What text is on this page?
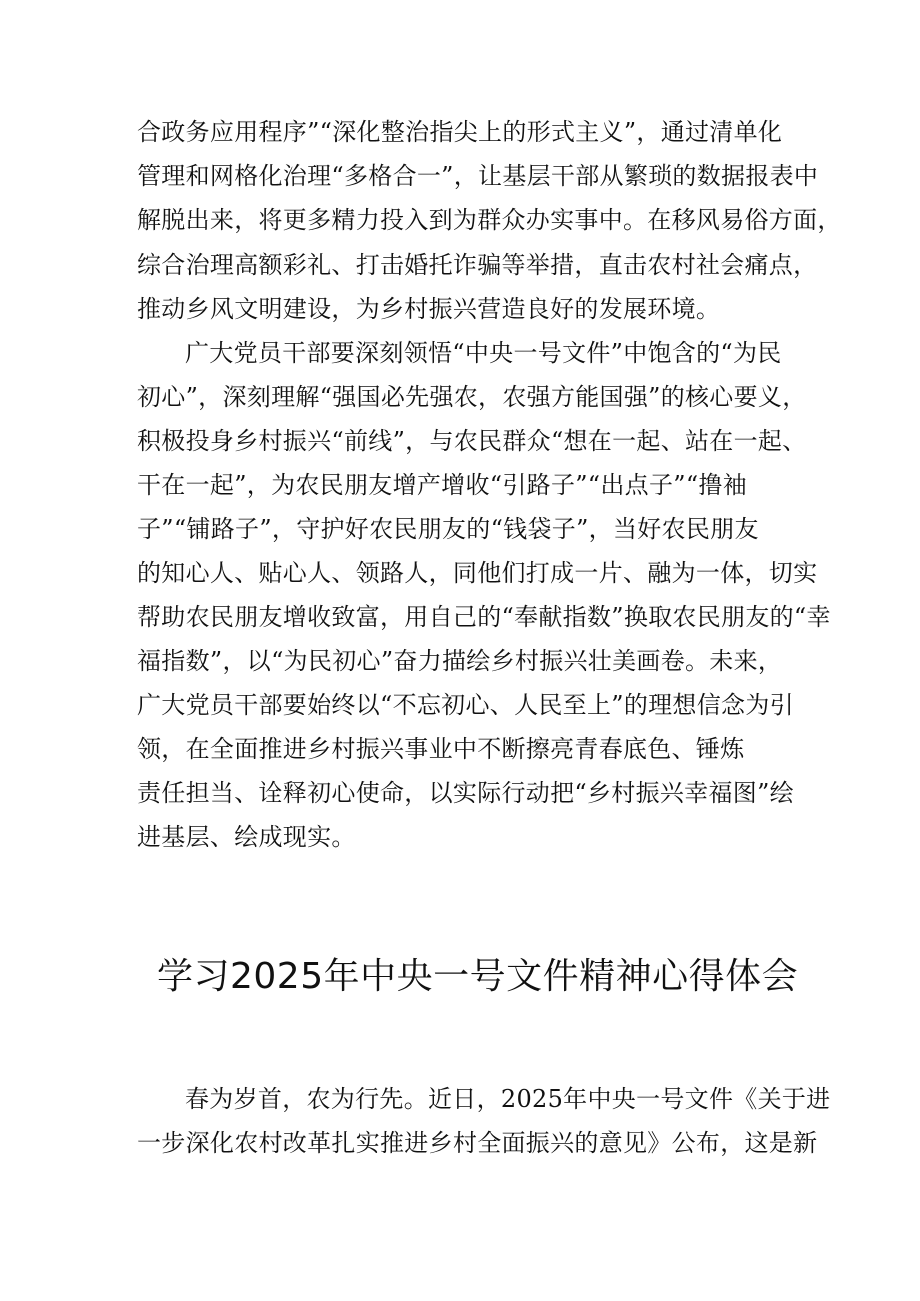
合政务应用程序”“深化整治指尖上的形式主义”，通过清单化
管理和网格化治理“多格合一”，让基层干部从繁琐的数据报表中
解脱出来，将更多精力投入到为群众办实事中。在移风易俗方面，
综合治理高额彩礼、打击婚托诈骗等举措，直击农村社会痛点，
推动乡风文明建设，为乡村振兴营造良好的发展环境。
广大党员干部要深刻领悟“中央一号文件”中饱含的“为民
初心”，深刻理解“强国必先强农，农强方能国强”的核心要义，
积极投身乡村振兴“前线”，与农民群众“想在一起、站在一起、
干在一起”，为农民朋友增产增收“引路子”“出点子”“撸袖
子”“铺路子”，守护好农民朋友的“钱袋子”，当好农民朋友
的知心人、贴心人、领路人，同他们打成一片、融为一体，切实
帮助农民朋友增收致富，用自己的“奉献指数”换取农民朋友的“幸
福指数”，以“为民初心”奋力描绘乡村振兴壮美画卷。未来，
广大党员干部要始终以“不忘初心、人民至上”的理想信念为引
领，在全面推进乡村振兴事业中不断擦亮青春底色、锤炼
责任担当、诠释初心使命，以实际行动把“乡村振兴幸福图”绘
进基层、绘成现实。
学习2025年中央一号文件精神心得体会
春为岁首，农为行先。近日，2025年中央一号文件《关于进
一步深化农村改革扎实推进乡村全面振兴的意见》公布，这是新
